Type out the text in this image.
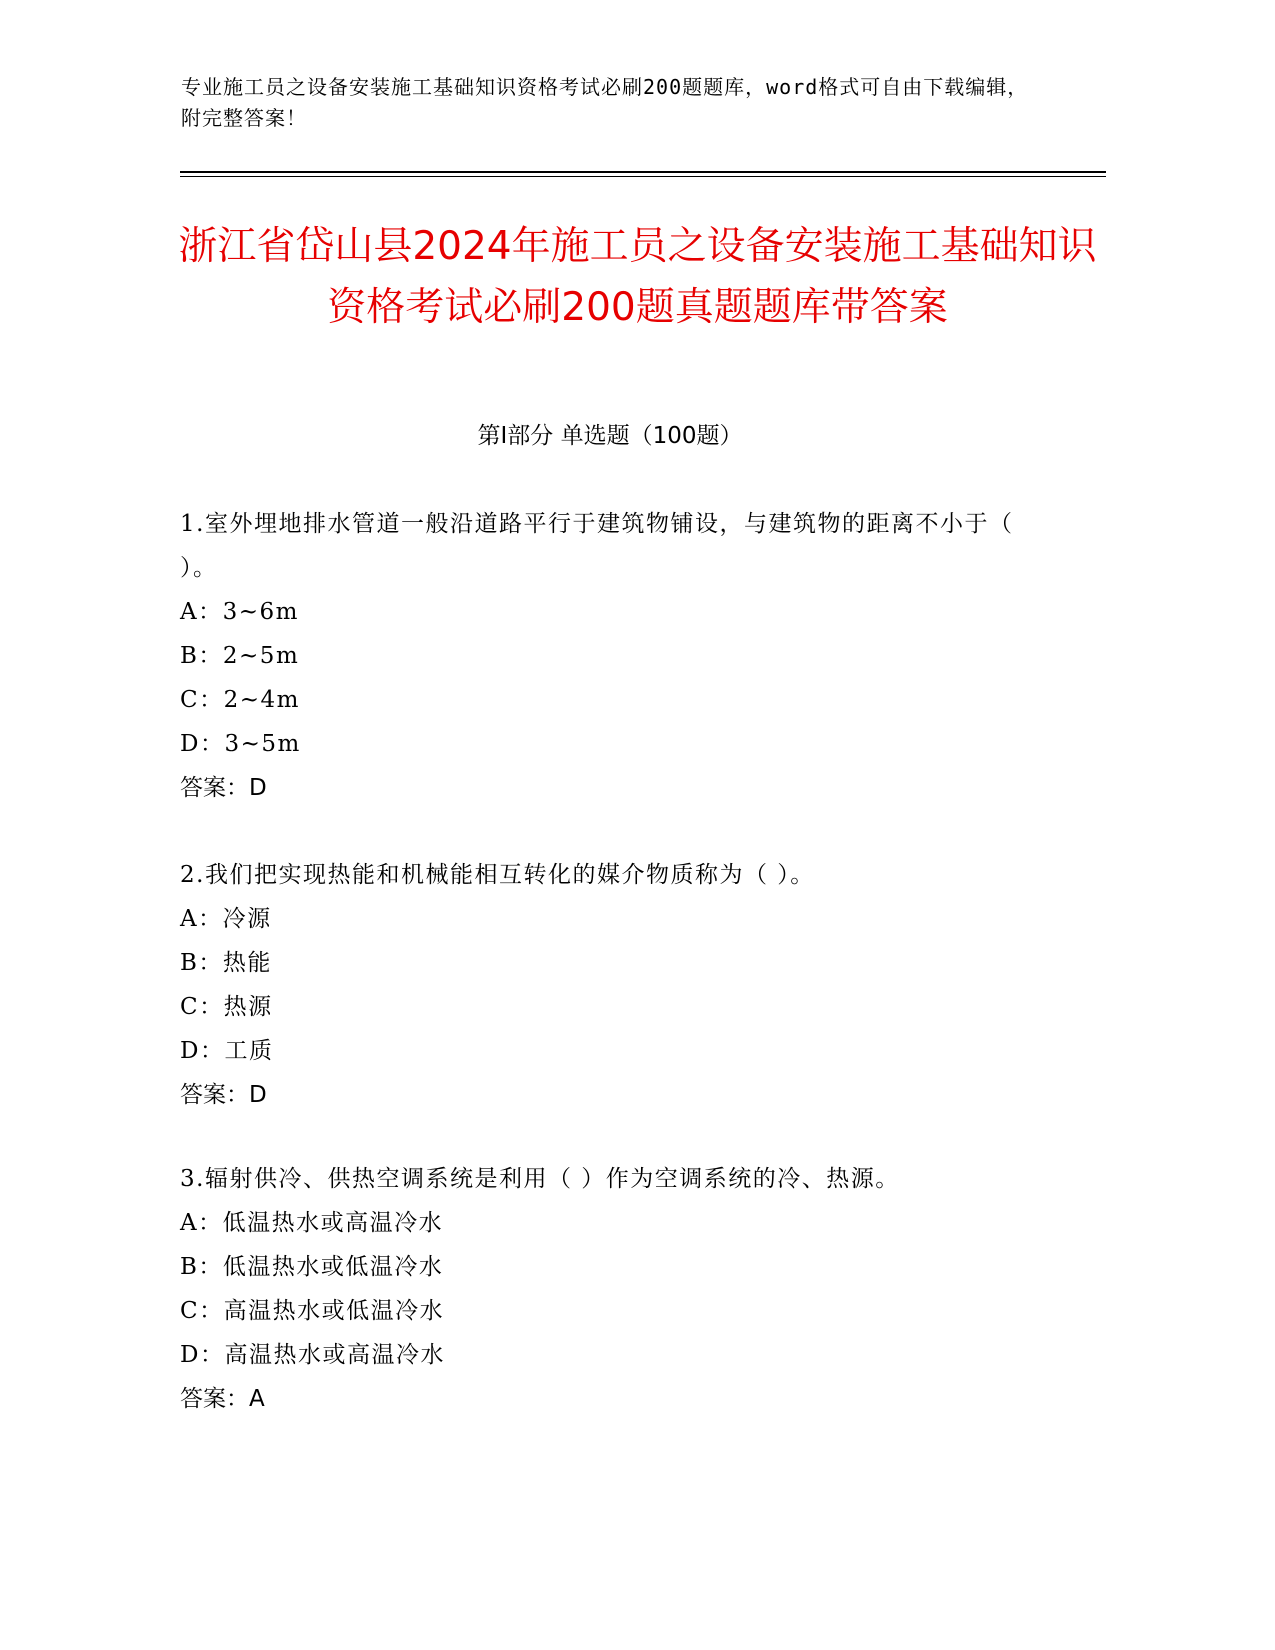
专业施工员之设备安装施工基础知识资格考试必刷200题题库，word格式可自由下载编辑，附完整答案！
浙江省岱山县2024年施工员之设备安装施工基础知识资格考试必刷200题真题题库带答案
第Ⅰ部分 单选题（100题）

1.室外埋地排水管道一般沿道路平行于建筑物铺设，与建筑物的距离不小于（ ）。

A：3~6m

B：2~5m

C：2~4m

D：3~5m

答案：D

2.我们把实现热能和机械能相互转化的媒介物质称为（ ）。

A：冷源

B：热能

C：热源

D：工质

答案：D

3.辐射供冷、供热空调系统是利用（ ）作为空调系统的冷、热源。

A：低温热水或高温冷水

B：低温热水或低温冷水

C：高温热水或低温冷水

D：高温热水或高温冷水

答案：A
